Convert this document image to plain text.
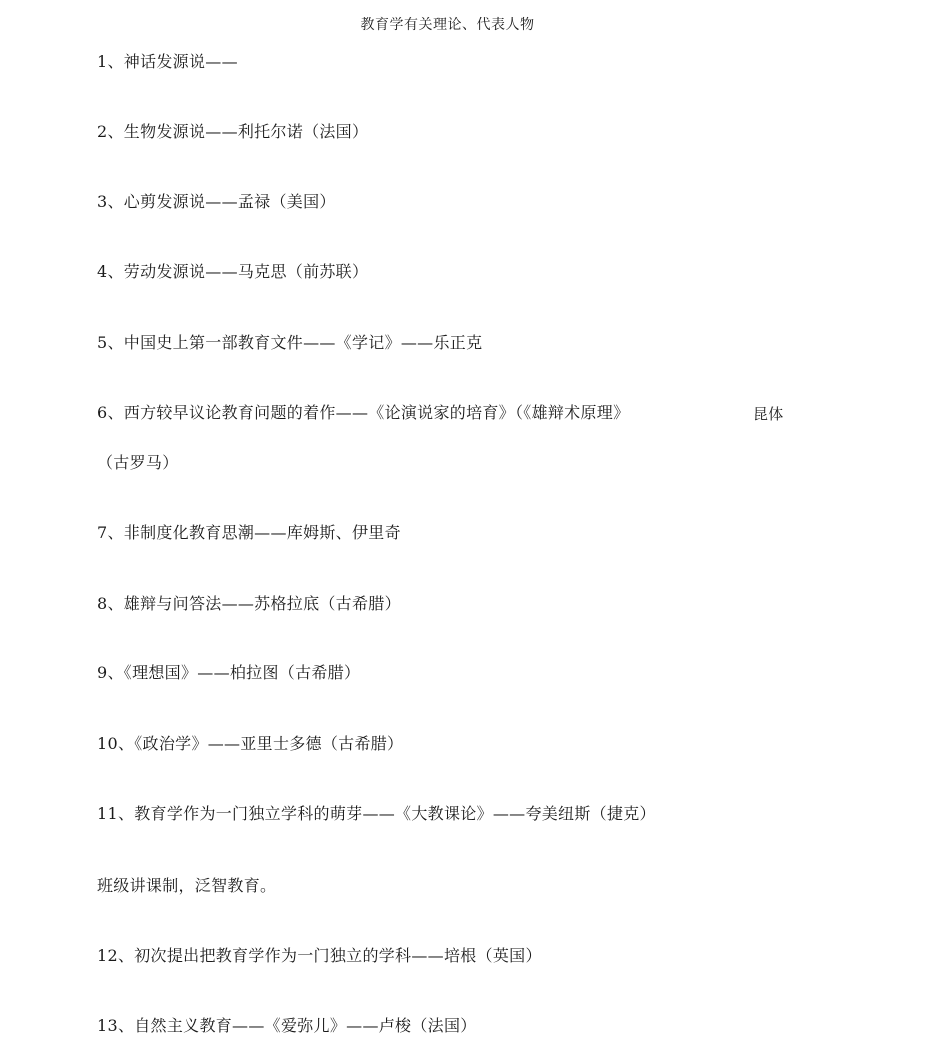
教育学有关理论、代表人物
1、神话发源说——
2、生物发源说——利托尔诺（法国）
3、心剪发源说——孟禄（美国）
4、劳动发源说——马克思（前苏联）
5、中国史上第一部教育文件——《学记》——乐正克
6、西方较早议论教育问题的着作——《论演说家的培育》（《雄辩术原理》	昆体
（古罗马）
7、非制度化教育思潮——库姆斯、伊里奇
8、雄辩与问答法——苏格拉底（古希腊）
9、《理想国》——柏拉图（古希腊）
10、《政治学》——亚里士多德（古希腊）
11、教育学作为一门独立学科的萌芽——《大教课论》——夸美纽斯（捷克）
班级讲课制，泛智教育。
12、初次提出把教育学作为一门独立的学科——培根（英国）
13、自然主义教育——《爱弥儿》——卢梭（法国）
